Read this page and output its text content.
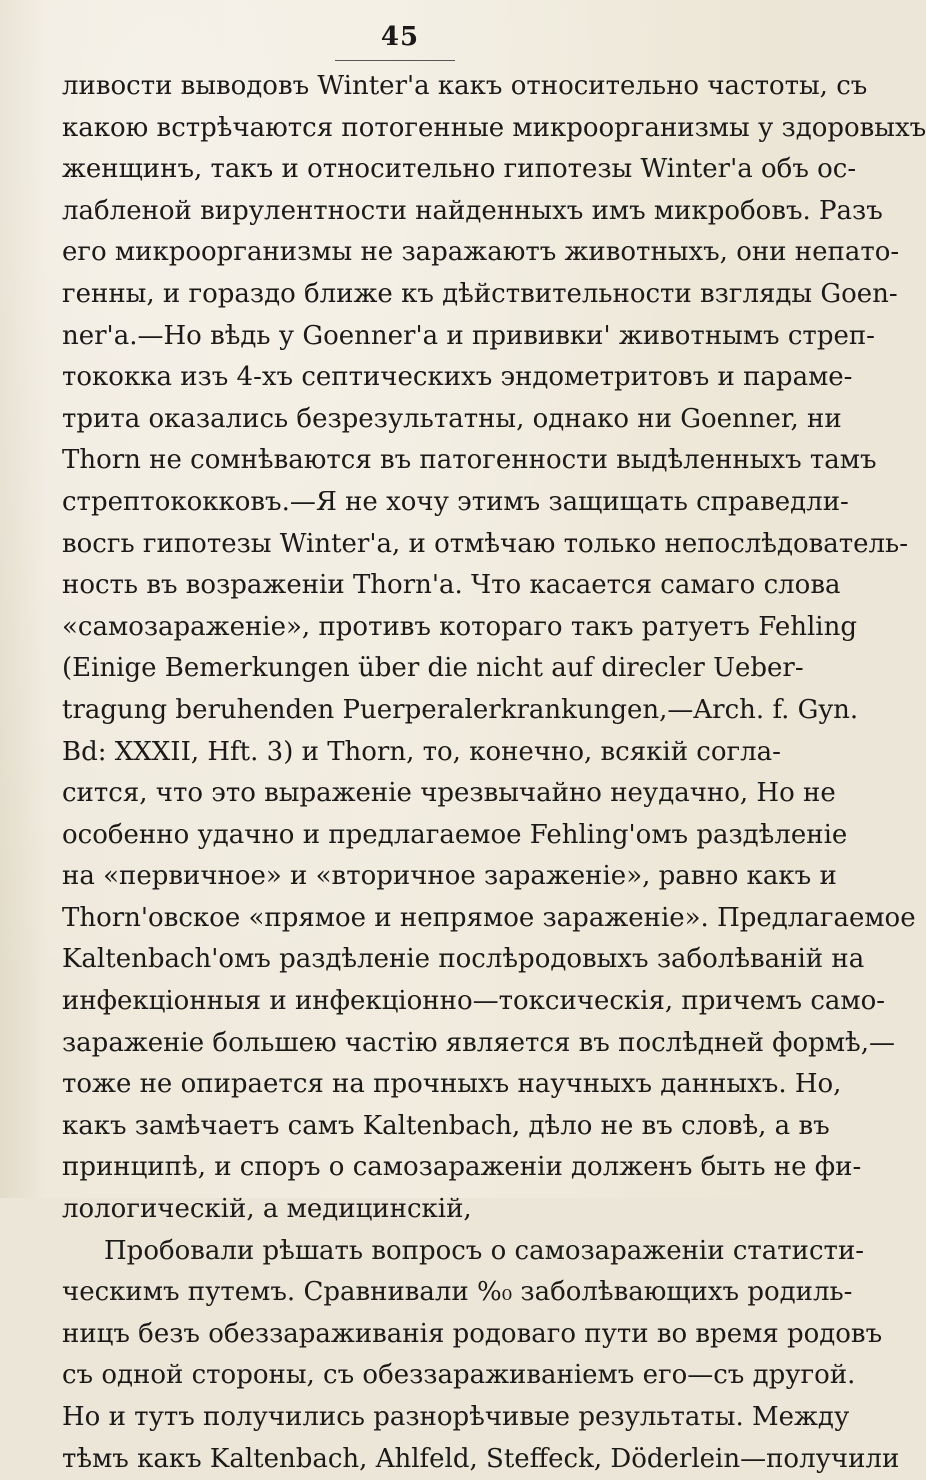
45
ливости выводовъ Winter'а какъ относительно частоты, съ
какою встрѣчаются потогенные микроорганизмы у здоровыхъ
женщинъ, такъ и относительно гипотезы Winter'а объ ос-
лабленой вирулентности найденныхъ имъ микробовъ. Разъ
его микроорганизмы не заражаютъ животныхъ, они непато-
генны, и гораздо ближе къ дѣйствительности взгляды Goen-
ner'a.—Но вѣдь у Goenner'a и прививки' животнымъ стреп-
тококка изъ 4-хъ септическихъ эндометритовъ и параме-
трита оказались безрезультатны, однако ни Goenner, ни
Thorn не сомнѣваются въ патогенности выдѣленныхъ тамъ
стрептококковъ.—Я не хочу этимъ защищать справедли-
восгь гипотезы Winter'a, и отмѣчаю только непослѣдователь-
ность въ возраженіи Thorn'a. Что касается самаго слова
«самозараженіе», противъ котораго такъ ратуетъ Fehling
(Einige Bemerkungen über die nicht auf direcler Ueber-
tragung beruhenden Puerperalerkrankungen,—Arch. f. Gyn.
Bd: XXXII, Hft. 3) и Thorn, то, конечно, всякій согла-
сится, что это выраженіе чрезвычайно неудачно, Но не
особенно удачно и предлагаемое Fehling'омъ раздѣленіе
на «первичное» и «вторичное зараженіе», равно какъ и
Thorn'овское «прямое и непрямое зараженіе». Предлагаемое
Kaltenbach'омъ раздѣленіе послѣродовыхъ заболѣваній на
инфекціонныя и инфекціонно—токсическія, причемъ само-
зараженіе большею частію является въ послѣдней формѣ,—
тоже не опирается на прочныхъ научныхъ данныхъ. Но,
какъ замѣчаетъ самъ Kaltenbach, дѣло не въ словѣ, а въ
принципѣ, и споръ о самозараженіи долженъ быть не фи-
лологическій, а медицинскій,
Пробовали рѣшать вопросъ о самозараженіи статисти-
ческимъ путемъ. Сравнивали %₀ заболѣвающихъ родиль-
ницъ безъ обеззараживанія родоваго пути во время родовъ
съ одной стороны, съ обеззараживаніемъ его—съ другой.
Но и тутъ получились разнорѣчивые результаты. Между
тѣмъ какъ Kaltenbach, Ahlfeld, Steffeck, Döderlein—получили
